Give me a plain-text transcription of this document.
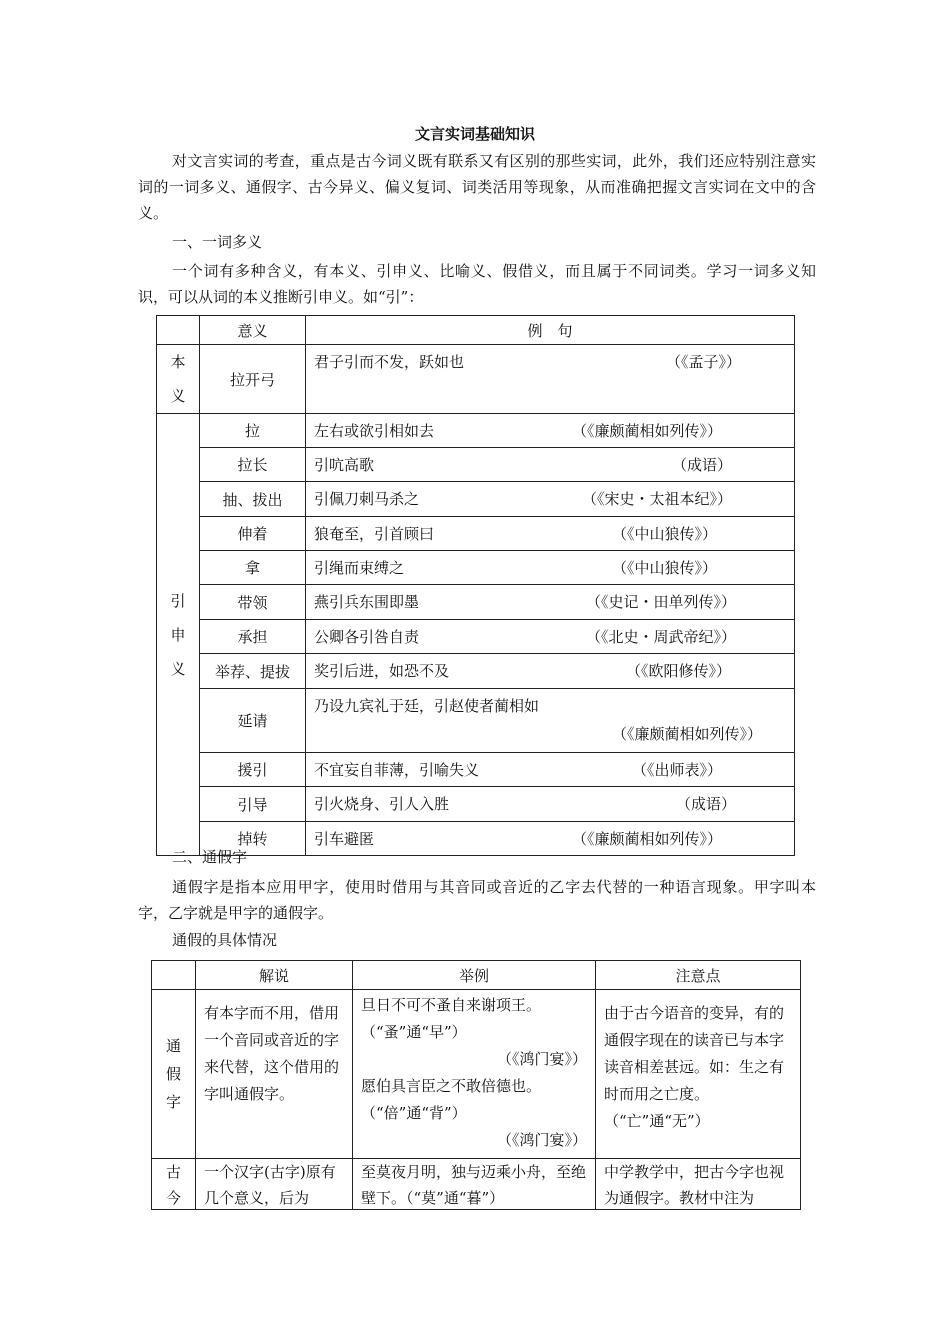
文言实词基础知识
对文言实词的考查，重点是古今词义既有联系又有区别的那些实词，此外，我们还应特别注意实词的一词多义、通假字、古今异义、偏义复词、词类活用等现象，从而准确把握文言实词在文中的含义。
一、一词多义
一个词有多种含义，有本义、引申义、比喻义、假借义，而且属于不同词类。学习一词多义知识，可以从词的本义推断引申义。如“引”：
	意义	例　句

本
义	拉开弓	君子引而不发，跃如也 （《孟子》）

引
申
义	拉	左右或欲引相如去 （《廉颇蔺相如列传》）

	拉长	引吭高歌 （成语）

	抽、拔出	引佩刀刺马杀之 （《宋史・太祖本纪》）

	伸着	狼奄至，引首顾曰 （《中山狼传》）

	拿	引绳而束缚之 （《中山狼传》）

	带领	燕引兵东围即墨 （《史记・田单列传》）

	承担	公卿各引咎自责 （《北史・周武帝纪》）

	举荐、提拔	奖引后进，如恐不及 （《欧阳修传》）

	延请	乃设九宾礼于廷，引赵使者蔺相如
（《廉颇蔺相如列传》）

	援引	不宜妄自菲薄，引喻失义 （《出师表》）

	引导	引火烧身、引人入胜 （成语）

	掉转	引车避匿 （《廉颇蔺相如列传》）
二、通假字
通假字是指本应用甲字，使用时借用与其音同或音近的乙字去代替的一种语言现象。甲字叫本字，乙字就是甲字的通假字。
通假的具体情况
	解说	举例	注意点

通
假
字	有本字而不用，借用一个音同或音近的字来代替，这个借用的字叫通假字。	旦日不可不蚤自来谢项王。（“蚤”通“早”）
（《鸿门宴》）
愿伯具言臣之不敢倍德也。（“倍”通“背”）
（《鸿门宴》）	由于古今语音的变异，有的通假字现在的读音已与本字读音相差甚远。如：生之有时而用之亡度。（“亡”通“无”）

古
今	一个汉字(古字)原有几个意义，后为	至莫夜月明，独与迈乘小舟，至绝壁下。（“莫”通“暮”）	中学教学中，把古今字也视为通假字。教材中注为
